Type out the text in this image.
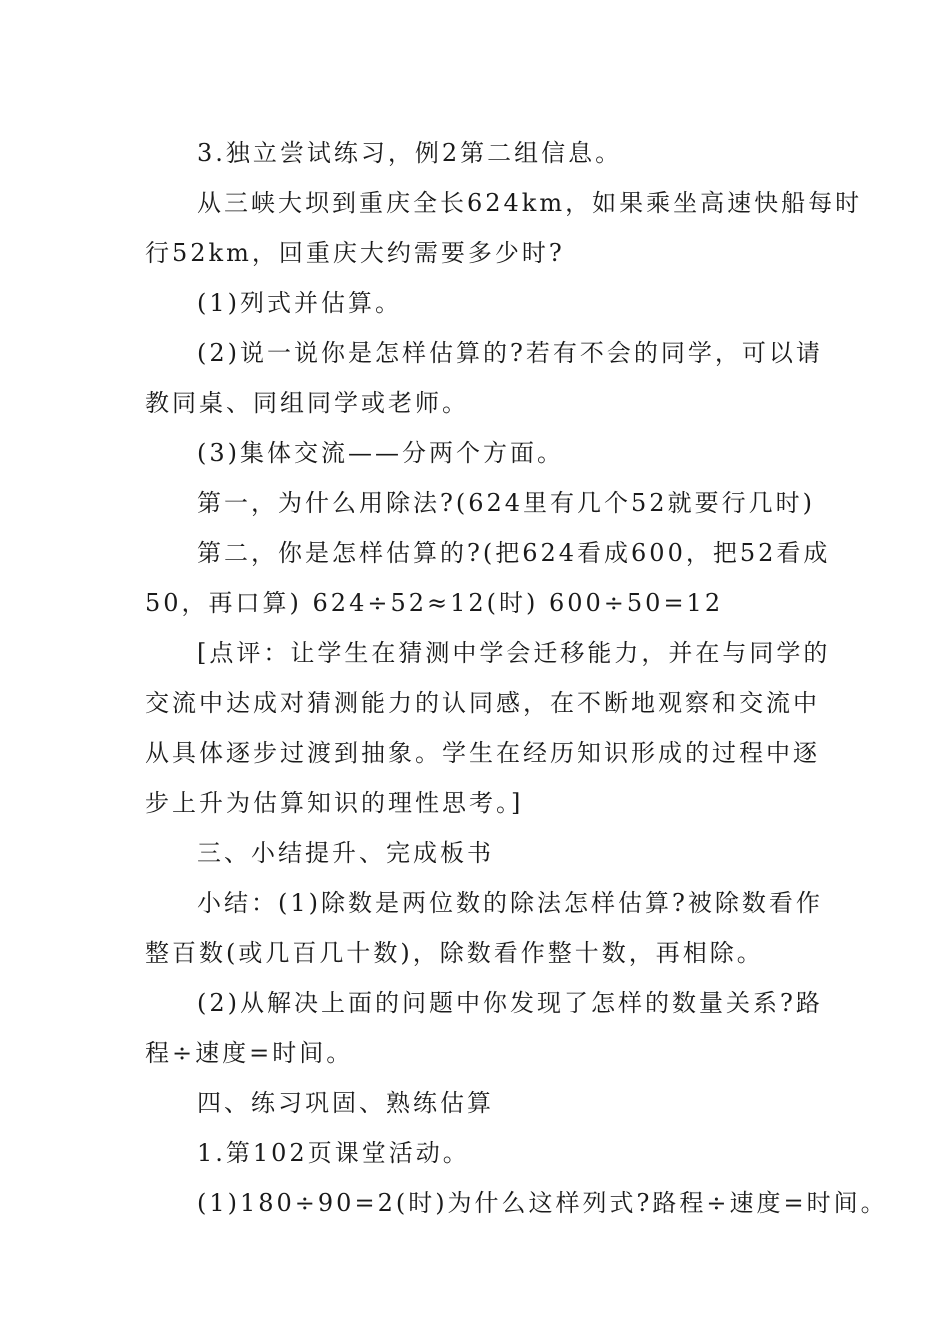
3.独立尝试练习，例2第二组信息。
从三峡大坝到重庆全长624km，如果乘坐高速快船每时
行52km，回重庆大约需要多少时?
(1)列式并估算。
(2)说一说你是怎样估算的?若有不会的同学，可以请
教同桌、同组同学或老师。
(3)集体交流——分两个方面。
第一，为什么用除法?(624里有几个52就要行几时)
第二，你是怎样估算的?(把624看成600，把52看成
50，再口算) 624÷52≈12(时) 600÷50=12
[点评：让学生在猜测中学会迁移能力，并在与同学的
交流中达成对猜测能力的认同感，在不断地观察和交流中
从具体逐步过渡到抽象。学生在经历知识形成的过程中逐
步上升为估算知识的理性思考。]
三、小结提升、完成板书
小结：(1)除数是两位数的除法怎样估算?被除数看作
整百数(或几百几十数)，除数看作整十数，再相除。
(2)从解决上面的问题中你发现了怎样的数量关系?路
程÷速度=时间。
四、练习巩固、熟练估算
1.第102页课堂活动。
(1)180÷90=2(时)为什么这样列式?路程÷速度=时间。
